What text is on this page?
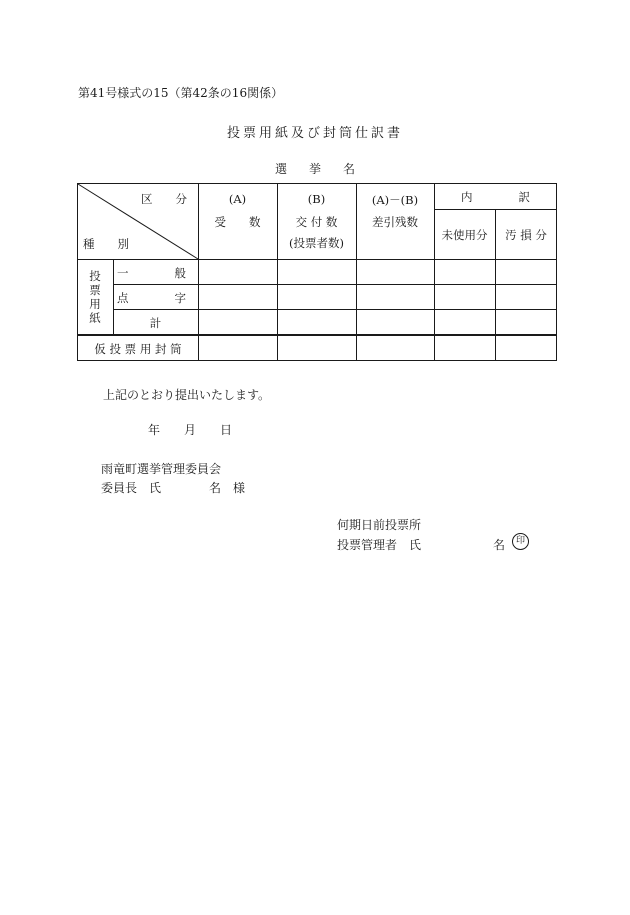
第41号様式の15（第42条の16関係）
投票用紙及び封筒仕訳書
選挙名
区　　分
種　　別
(A)
受　　数
(B)
交 付 数
(投票者数)
(A)－(B)
差引残数
内　　　　訳
未使用分	汚 損 分
投票用紙
一　　　　般
点　　　　字
計
仮 投 票 用 封 筒
上記のとおり提出いたします。
年　　月　　日
雨竜町選挙管理委員会
委員長　氏　　　　名　様
何期日前投票所
投票管理者　氏　　　　　　名	印
